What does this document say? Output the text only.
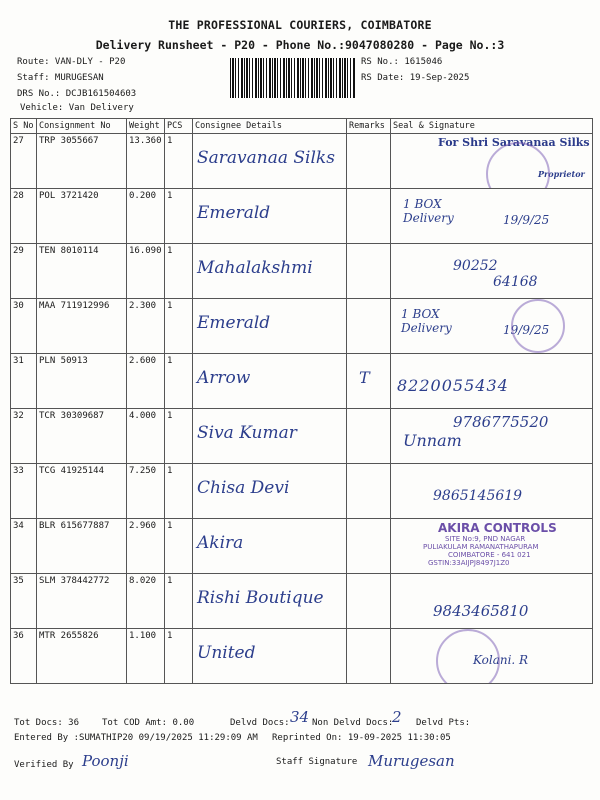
THE PROFESSIONAL COURIERS, COIMBATORE
Delivery Runsheet - P20 - Phone No.:9047080280 - Page No.:3
Route: VAN-DLY - P20
Staff: MURUGESAN
DRS No.: DCJB161504603
Vehicle: Van Delivery
RS No.: 1615046
RS Date: 19-Sep-2025
S No	Consignment No	Weight	PCS	Consignee Details	Remarks	Seal & Signature
27	TRP 3055667	13.360	1	Saravanaa Silks		For Shri Saravanaa Silks
Proprietor

28	POL 3721420	0.200	1	Emerald		1 BOX
Delivery 19/9/25

29	TEN 8010114	16.090	1	Mahalakshmi		90252
64168

30	MAA 711912996	2.300	1	Emerald		1 BOX
Delivery 19/9/25

31	PLN 50913	2.600	1	Arrow	T	8220055434

32	TCR 30309687	4.000	1	Siva Kumar		9786775520
Unnam

33	TCG 41925144	7.250	1	Chisa Devi		9865145619

34	BLR 615677887	2.960	1	Akira		AKIRA CONTROLS
SITE No:9, PND NAGAR
PULIAKULAM RAMANATHAPURAM
COIMBATORE - 641 021
GSTIN:33AIJPJ8497J1Z0

35	SLM 378442772	8.020	1	Rishi Boutique		9843465810

36	MTR 2655826	1.100	1	United		Kolani. R
Tot Docs: 36	Tot COD Amt: 0.00	Delvd Docs: 34 Non Delvd Docs:
2 Delvd Pts:
Entered By :SUMATHIP20 09/19/2025 11:29:09 AM Reprinted On: 19-09-2025 11:30:05
Verified By Poonji	Staff Signature Murugesan
